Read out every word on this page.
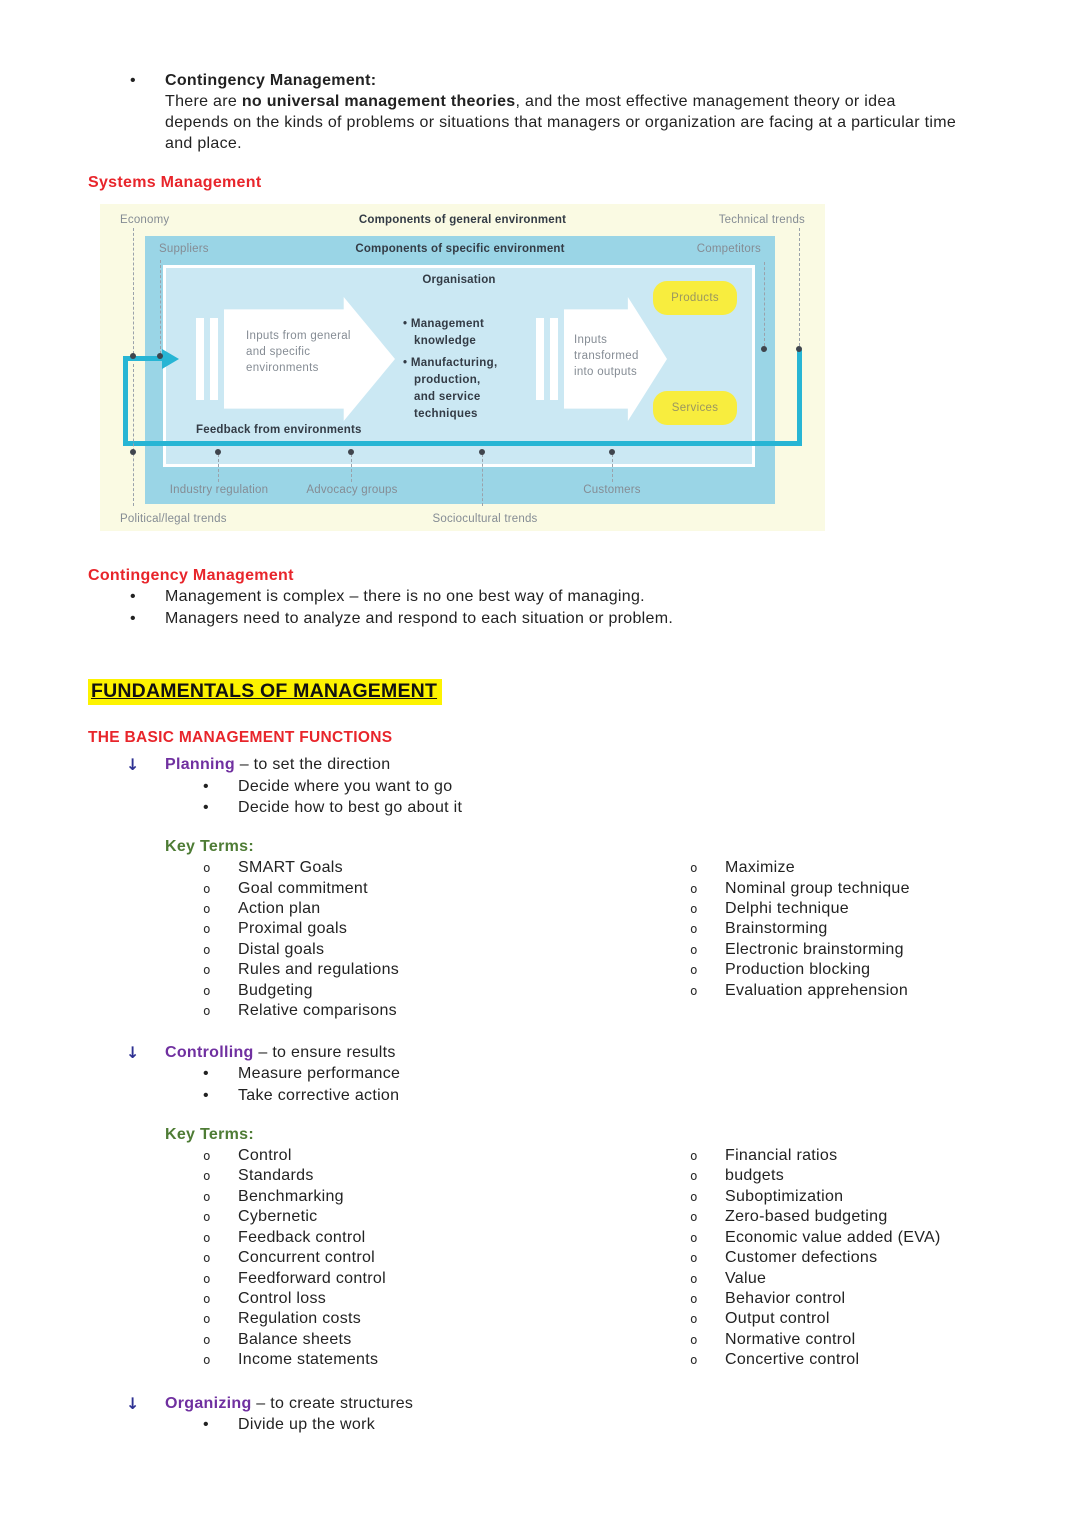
•	Contingency Management:
There are no universal management theories, and the most effective management theory or idea depends on the kinds of problems or situations that managers or organization are facing at a particular time and place.
Systems Management
Economy	Components of general environment	Technical trends
Suppliers	Components of specific environment	Competitors
Organisation
Inputs from general
and specific
environments
• Management
knowledge
• Manufacturing,
production,
and service
techniques
Inputs
transformed
into outputs
Products
Services
Feedback from environments
Industry regulation	Advocacy groups	Customers
Political/legal trends	Sociocultural trends
Contingency Management
•	Management is complex – there is no one best way of managing.
•	Managers need to analyze and respond to each situation or problem.
FUNDAMENTALS OF MANAGEMENT
THE BASIC MANAGEMENT FUNCTIONS
↓	Planning – to set the direction
•	Decide where you want to go
•	Decide how to best go about it
Key Terms:
o	SMART Goals
o	Goal commitment
o	Action plan
o	Proximal goals
o	Distal goals
o	Rules and regulations
o	Budgeting
o	Relative comparisons
o	Maximize
o	Nominal group technique
o	Delphi technique
o	Brainstorming
o	Electronic brainstorming
o	Production blocking
o	Evaluation apprehension
↓	Controlling – to ensure results
•	Measure performance
•	Take corrective action
Key Terms:
o	Control
o	Standards
o	Benchmarking
o	Cybernetic
o	Feedback control
o	Concurrent control
o	Feedforward control
o	Control loss
o	Regulation costs
o	Balance sheets
o	Income statements
o	Financial ratios
o	budgets
o	Suboptimization
o	Zero-based budgeting
o	Economic value added (EVA)
o	Customer defections
o	Value
o	Behavior control
o	Output control
o	Normative control
o	Concertive control
↓	Organizing – to create structures
•	Divide up the work
